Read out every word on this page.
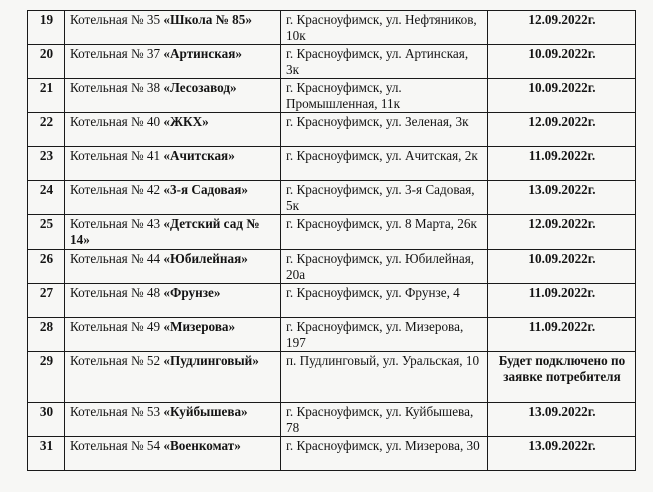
19	Котельная № 35 «Школа № 85»	г. Красноуфимск, ул. Нефтяников, 10к	12.09.2022г.
20	Котельная № 37 «Артинская»	г. Красноуфимск, ул. Артинская, 3к	10.09.2022г.
21	Котельная № 38 «Лесозавод»	г. Красноуфимск, ул. Промышленная, 11к	10.09.2022г.
22	Котельная № 40 «ЖКХ»	г. Красноуфимск, ул. Зеленая, 3к	12.09.2022г.
23	Котельная № 41 «Ачитская»	г. Красноуфимск, ул. Ачитская, 2к	11.09.2022г.
24	Котельная № 42 «3-я Садовая»	г. Красноуфимск, ул. 3-я Садовая, 5к	13.09.2022г.
25	Котельная № 43 «Детский сад № 14»	г. Красноуфимск, ул. 8 Марта, 26к	12.09.2022г.
26	Котельная № 44 «Юбилейная»	г. Красноуфимск, ул. Юбилейная, 20а	10.09.2022г.
27	Котельная № 48 «Фрунзе»	г. Красноуфимск, ул. Фрунзе, 4	11.09.2022г.
28	Котельная № 49 «Мизерова»	г. Красноуфимск, ул. Мизерова, 197	11.09.2022г.
29	Котельная № 52 «Пудлинговый»	п. Пудлинговый, ул. Уральская, 10	Будет подключено по заявке потребителя
30	Котельная № 53 «Куйбышева»	г. Красноуфимск, ул. Куйбышева, 78	13.09.2022г.
31	Котельная № 54 «Военкомат»	г. Красноуфимск, ул. Мизерова, 30	13.09.2022г.
